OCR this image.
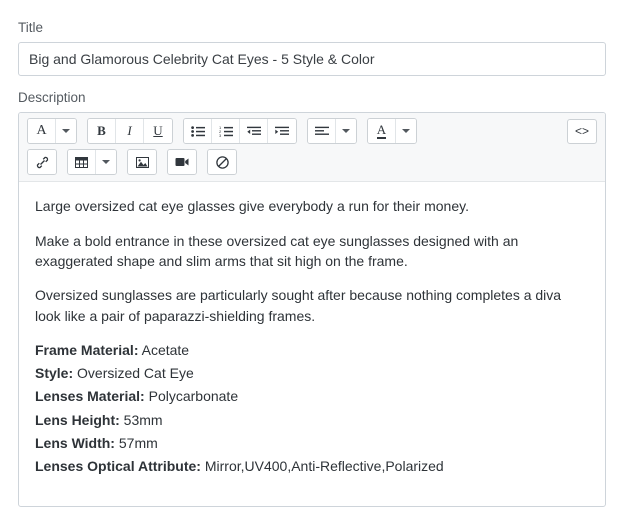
Title
Big and Glamorous Celebrity Cat Eyes - 5 Style & Color
Description
A	B I U	1
2
3	A	<>

Large oversized cat eye glasses give everybody a run for their money.

Make a bold entrance in these oversized cat eye sunglasses designed with an exaggerated shape and slim arms that sit high on the frame.

Oversized sunglasses are particularly sought after because nothing completes a diva look like a pair of paparazzi-shielding frames.

Frame Material: Acetate
Style: Oversized Cat Eye
Lenses Material: Polycarbonate
Lens Height: 53mm
Lens Width: 57mm
Lenses Optical Attribute: Mirror,UV400,Anti-Reflective,Polarized
